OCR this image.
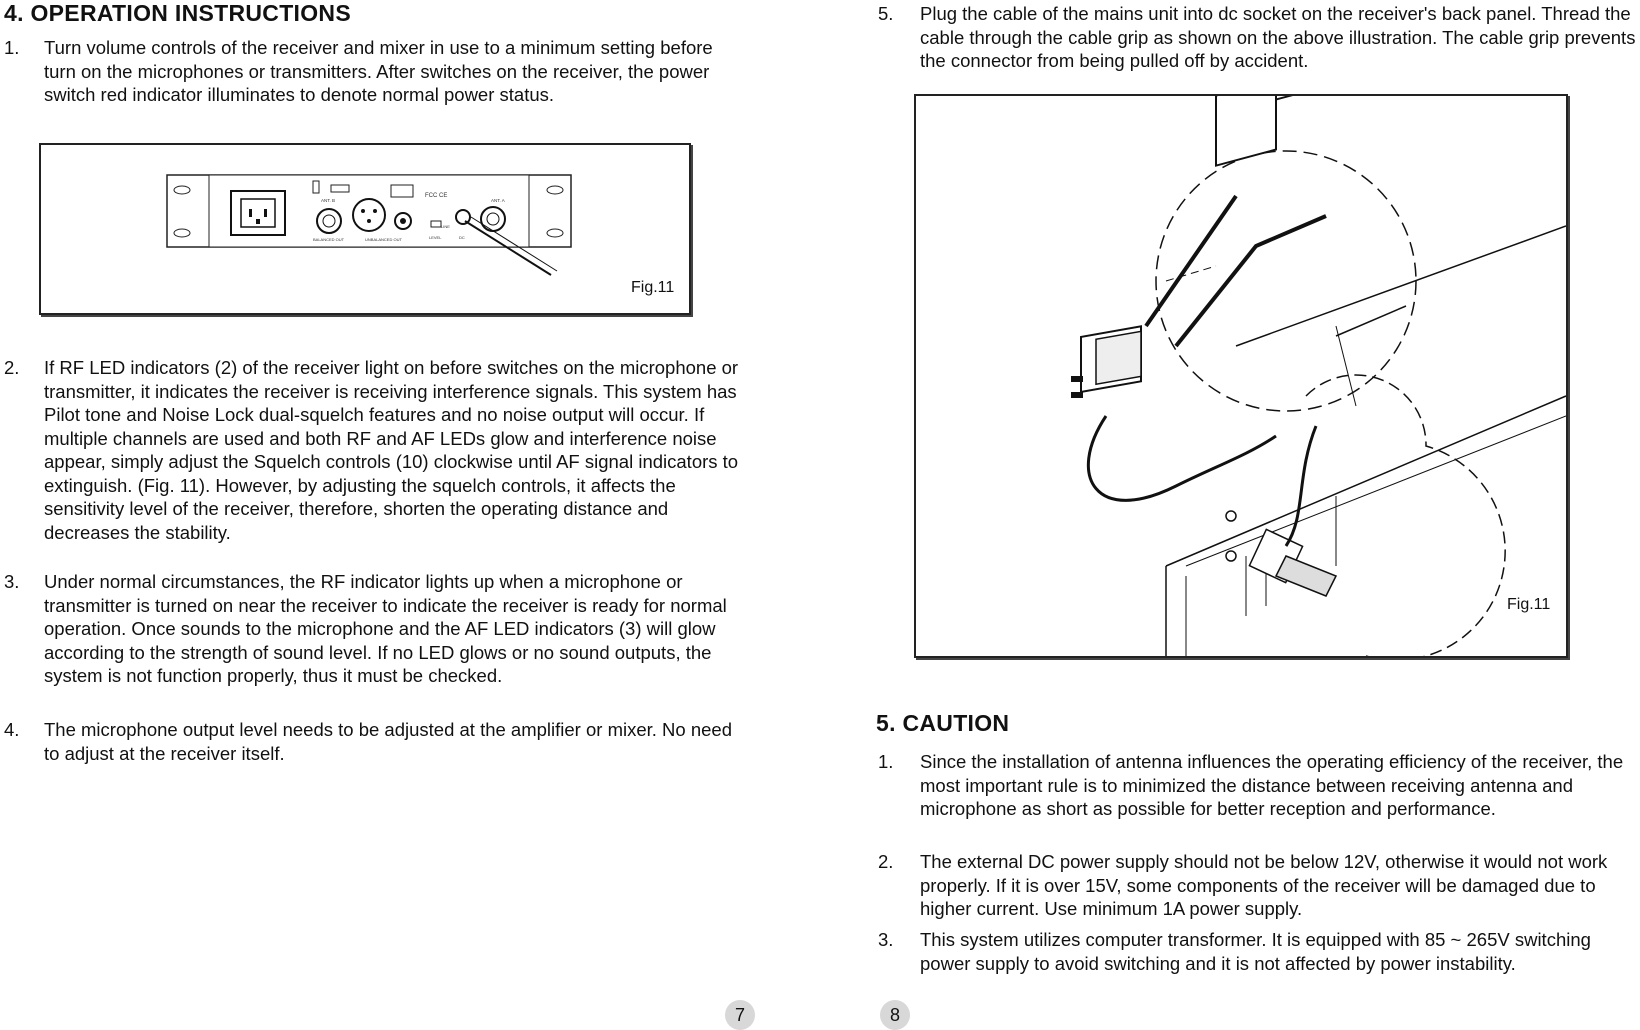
4. OPERATION INSTRUCTIONS
1. Turn volume controls of the receiver and mixer in use to a minimum setting before turn on the microphones or transmitters. After switches on the receiver, the power switch red indicator illuminates to denote normal power status.
ANT. B	ANT. A
FCC CE
BALANCED OUT	UNBALANCED OUT	LEVEL
LINE
DC
Fig.11
2. If RF LED indicators (2) of the receiver light on before switches on the microphone or transmitter, it indicates the receiver is receiving interference signals. This system has Pilot tone and Noise Lock dual-squelch features and no noise output will occur. If multiple channels are used and both RF and AF LEDs glow and interference noise appear, simply adjust the Squelch controls (10) clockwise until AF signal indicators to extinguish. (Fig. 11). However, by adjusting the squelch controls, it affects the sensitivity level of the receiver, therefore, shorten the operating distance and decreases the stability.
3. Under normal circumstances, the RF indicator lights up when a microphone or transmitter is turned on near the receiver to indicate the receiver is ready for normal operation. Once sounds to the microphone and the AF LED indicators (3) will glow according to the strength of sound level. If no LED glows or no sound outputs, the system is not function properly, thus it must be checked.
4. The microphone output level needs to be adjusted at the amplifier or mixer. No need to adjust at the receiver itself.
7
5. Plug the cable of the mains unit into dc socket on the receiver's back panel. Thread the cable through the cable grip as shown on the above illustration. The cable grip prevents the connector from being pulled off by accident.
Fig.11
5. CAUTION
1. Since the installation of antenna influences the operating efficiency of the receiver, the most important rule is to minimized the distance between receiving antenna and microphone as short as possible for better reception and performance.
2. The external DC power supply should not be below 12V, otherwise it would not work properly. If it is over 15V, some components of the receiver will be damaged due to higher current. Use minimum 1A power supply.
3. This system utilizes computer transformer. It is equipped with 85 ~ 265V switching power supply to avoid switching and it is not affected by power instability.
8
